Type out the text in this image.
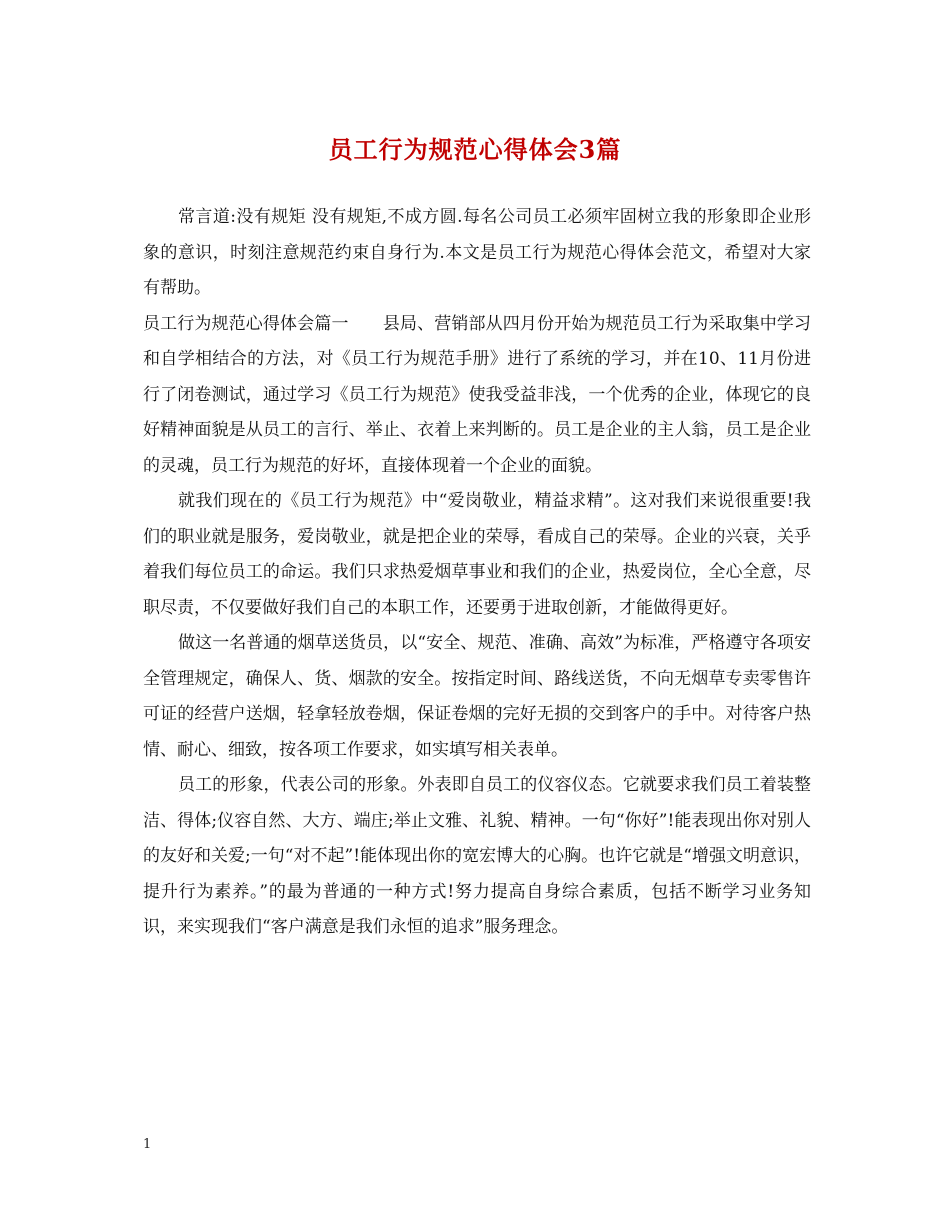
员工行为规范心得体会3篇

常言道:没有规矩 没有规矩,不成方圆.每名公司员工必须牢固树立我的形象即企业形象的意识，时刻注意规范约束自身行为.本文是员工行为规范心得体会范文，希望对大家有帮助。

员工行为规范心得体会篇一　　县局、营销部从四月份开始为规范员工行为采取集中学习和自学相结合的方法，对《员工行为规范手册》进行了系统的学习，并在10、11月份进行了闭卷测试，通过学习《员工行为规范》使我受益非浅，一个优秀的企业，体现它的良好精神面貌是从员工的言行、举止、衣着上来判断的。员工是企业的主人翁，员工是企业的灵魂，员工行为规范的好坏，直接体现着一个企业的面貌。

就我们现在的《员工行为规范》中“爱岗敬业，精益求精”。这对我们来说很重要!我们的职业就是服务，爱岗敬业，就是把企业的荣辱，看成自己的荣辱。企业的兴衰，关乎着我们每位员工的命运。我们只求热爱烟草事业和我们的企业，热爱岗位，全心全意，尽职尽责，不仅要做好我们自己的本职工作，还要勇于进取创新，才能做得更好。

做这一名普通的烟草送货员，以“安全、规范、准确、高效”为标准，严格遵守各项安全管理规定，确保人、货、烟款的安全。按指定时间、路线送货，不向无烟草专卖零售许可证的经营户送烟，轻拿轻放卷烟，保证卷烟的完好无损的交到客户的手中。对待客户热情、耐心、细致，按各项工作要求，如实填写相关表单。

员工的形象，代表公司的形象。外表即自员工的仪容仪态。它就要求我们员工着装整洁、得体;仪容自然、大方、端庄;举止文雅、礼貌、精神。一句“你好”!能表现出你对别人的友好和关爱;一句“对不起”!能体现出你的宽宏博大的心胸。也许它就是“增强文明意识，提升行为素养。”的最为普通的一种方式!努力提高自身综合素质，包括不断学习业务知识，来实现我们“客户满意是我们永恒的追求”服务理念。

1
